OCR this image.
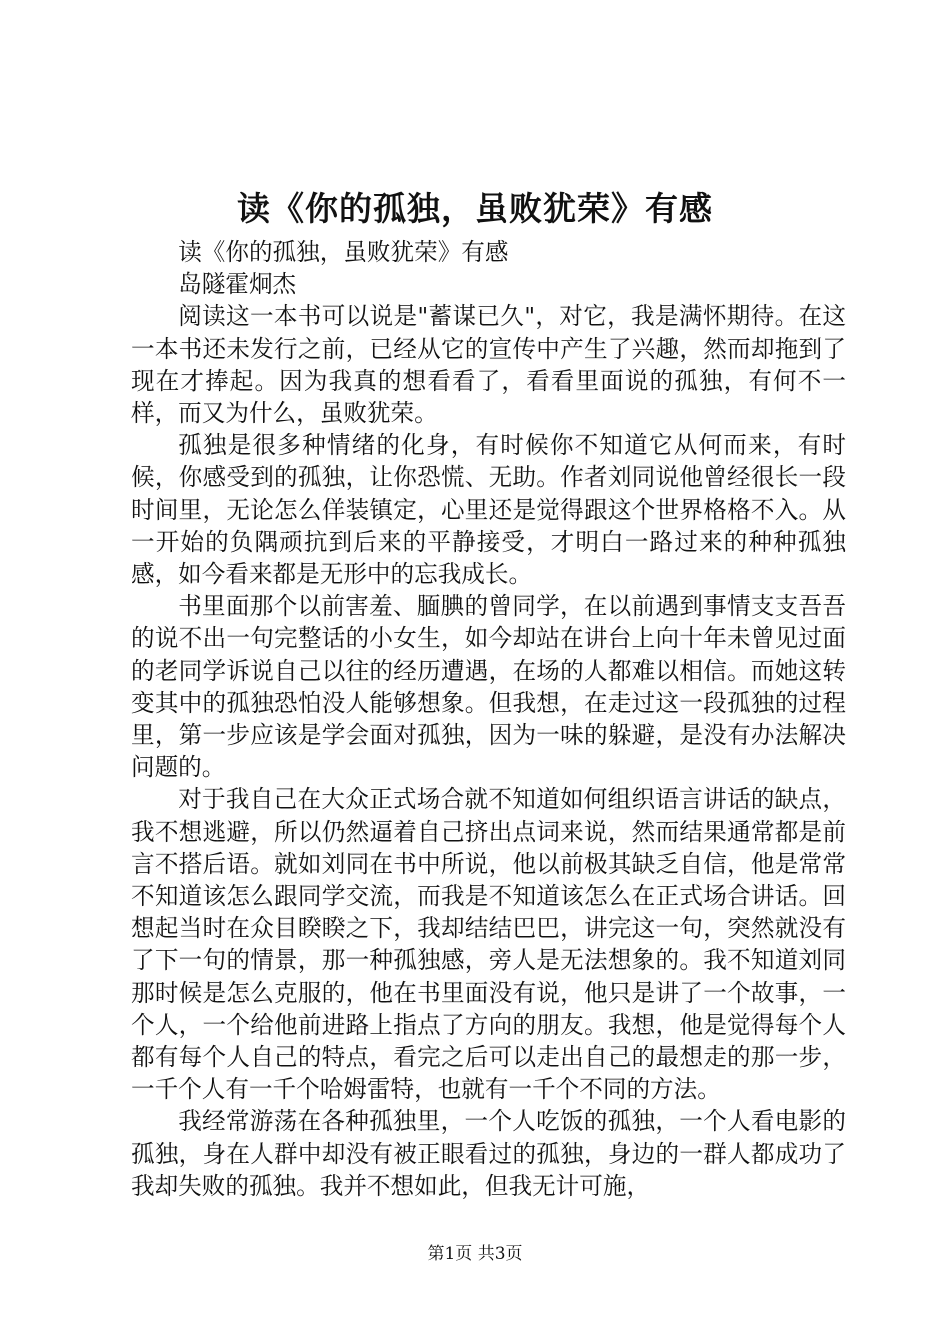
读《你的孤独，虽败犹荣》有感

读《你的孤独，虽败犹荣》有感

岛隧霍炯杰

阅读这一本书可以说是"蓄谋已久"，对它，我是满怀期待。在这一本书还未发行之前，已经从它的宣传中产生了兴趣，然而却拖到了现在才捧起。因为我真的想看看了，看看里面说的孤独，有何不一样，而又为什么，虽败犹荣。

孤独是很多种情绪的化身，有时候你不知道它从何而来，有时候，你感受到的孤独，让你恐慌、无助。作者刘同说他曾经很长一段时间里，无论怎么佯装镇定，心里还是觉得跟这个世界格格不入。从一开始的负隅顽抗到后来的平静接受，才明白一路过来的种种孤独感，如今看来都是无形中的忘我成长。

书里面那个以前害羞、腼腆的曾同学，在以前遇到事情支支吾吾的说不出一句完整话的小女生，如今却站在讲台上向十年未曾见过面的老同学诉说自己以往的经历遭遇，在场的人都难以相信。而她这转变其中的孤独恐怕没人能够想象。但我想，在走过这一段孤独的过程里，第一步应该是学会面对孤独，因为一味的躲避，是没有办法解决问题的。

对于我自己在大众正式场合就不知道如何组织语言讲话的缺点，我不想逃避，所以仍然逼着自己挤出点词来说，然而结果通常都是前言不搭后语。就如刘同在书中所说，他以前极其缺乏自信，他是常常不知道该怎么跟同学交流，而我是不知道该怎么在正式场合讲话。回想起当时在众目睽睽之下，我却结结巴巴，讲完这一句，突然就没有了下一句的情景，那一种孤独感，旁人是无法想象的。我不知道刘同那时候是怎么克服的，他在书里面没有说，他只是讲了一个故事，一个人，一个给他前进路上指点了方向的朋友。我想，他是觉得每个人都有每个人自己的特点，看完之后可以走出自己的最想走的那一步，一千个人有一千个哈姆雷特，也就有一千个不同的方法。

我经常游荡在各种孤独里，一个人吃饭的孤独，一个人看电影的孤独，身在人群中却没有被正眼看过的孤独，身边的一群人都成功了我却失败的孤独。我并不想如此，但我无计可施，

第1页 共3页
